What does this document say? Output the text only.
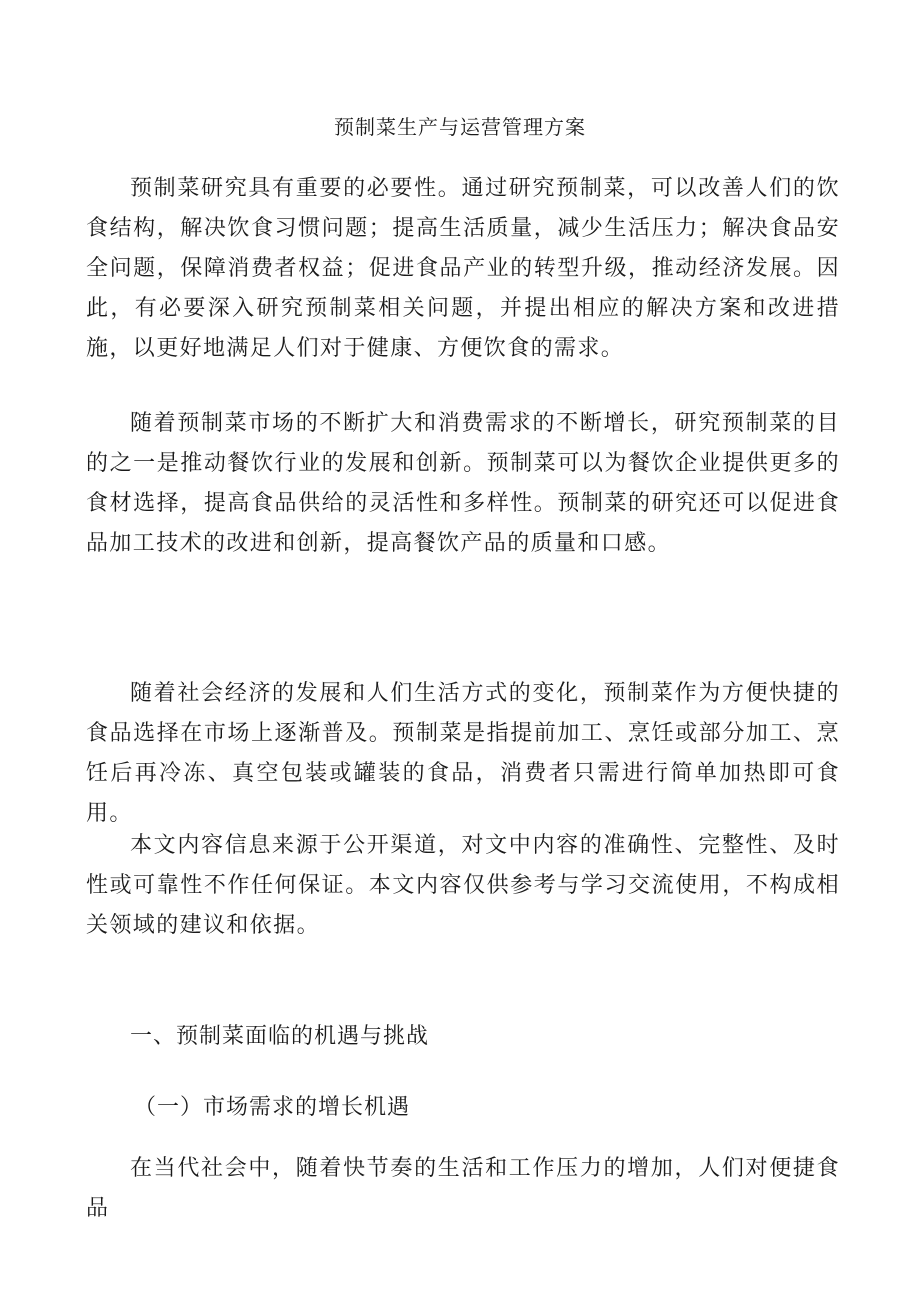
预制菜生产与运营管理方案

预制菜研究具有重要的必要性。通过研究预制菜，可以改善人们的饮食结构，解决饮食习惯问题；提高生活质量，减少生活压力；解决食品安全问题，保障消费者权益；促进食品产业的转型升级，推动经济发展。因此，有必要深入研究预制菜相关问题，并提出相应的解决方案和改进措施，以更好地满足人们对于健康、方便饮食的需求。

随着预制菜市场的不断扩大和消费需求的不断增长，研究预制菜的目的之一是推动餐饮行业的发展和创新。预制菜可以为餐饮企业提供更多的食材选择，提高食品供给的灵活性和多样性。预制菜的研究还可以促进食品加工技术的改进和创新，提高餐饮产品的质量和口感。

随着社会经济的发展和人们生活方式的变化，预制菜作为方便快捷的食品选择在市场上逐渐普及。预制菜是指提前加工、烹饪或部分加工、烹饪后再冷冻、真空包装或罐装的食品，消费者只需进行简单加热即可食用。

本文内容信息来源于公开渠道，对文中内容的准确性、完整性、及时性或可靠性不作任何保证。本文内容仅供参考与学习交流使用，不构成相关领域的建议和依据。

一、预制菜面临的机遇与挑战

（一）市场需求的增长机遇

在当代社会中，随着快节奏的生活和工作压力的增加，人们对便捷食品
